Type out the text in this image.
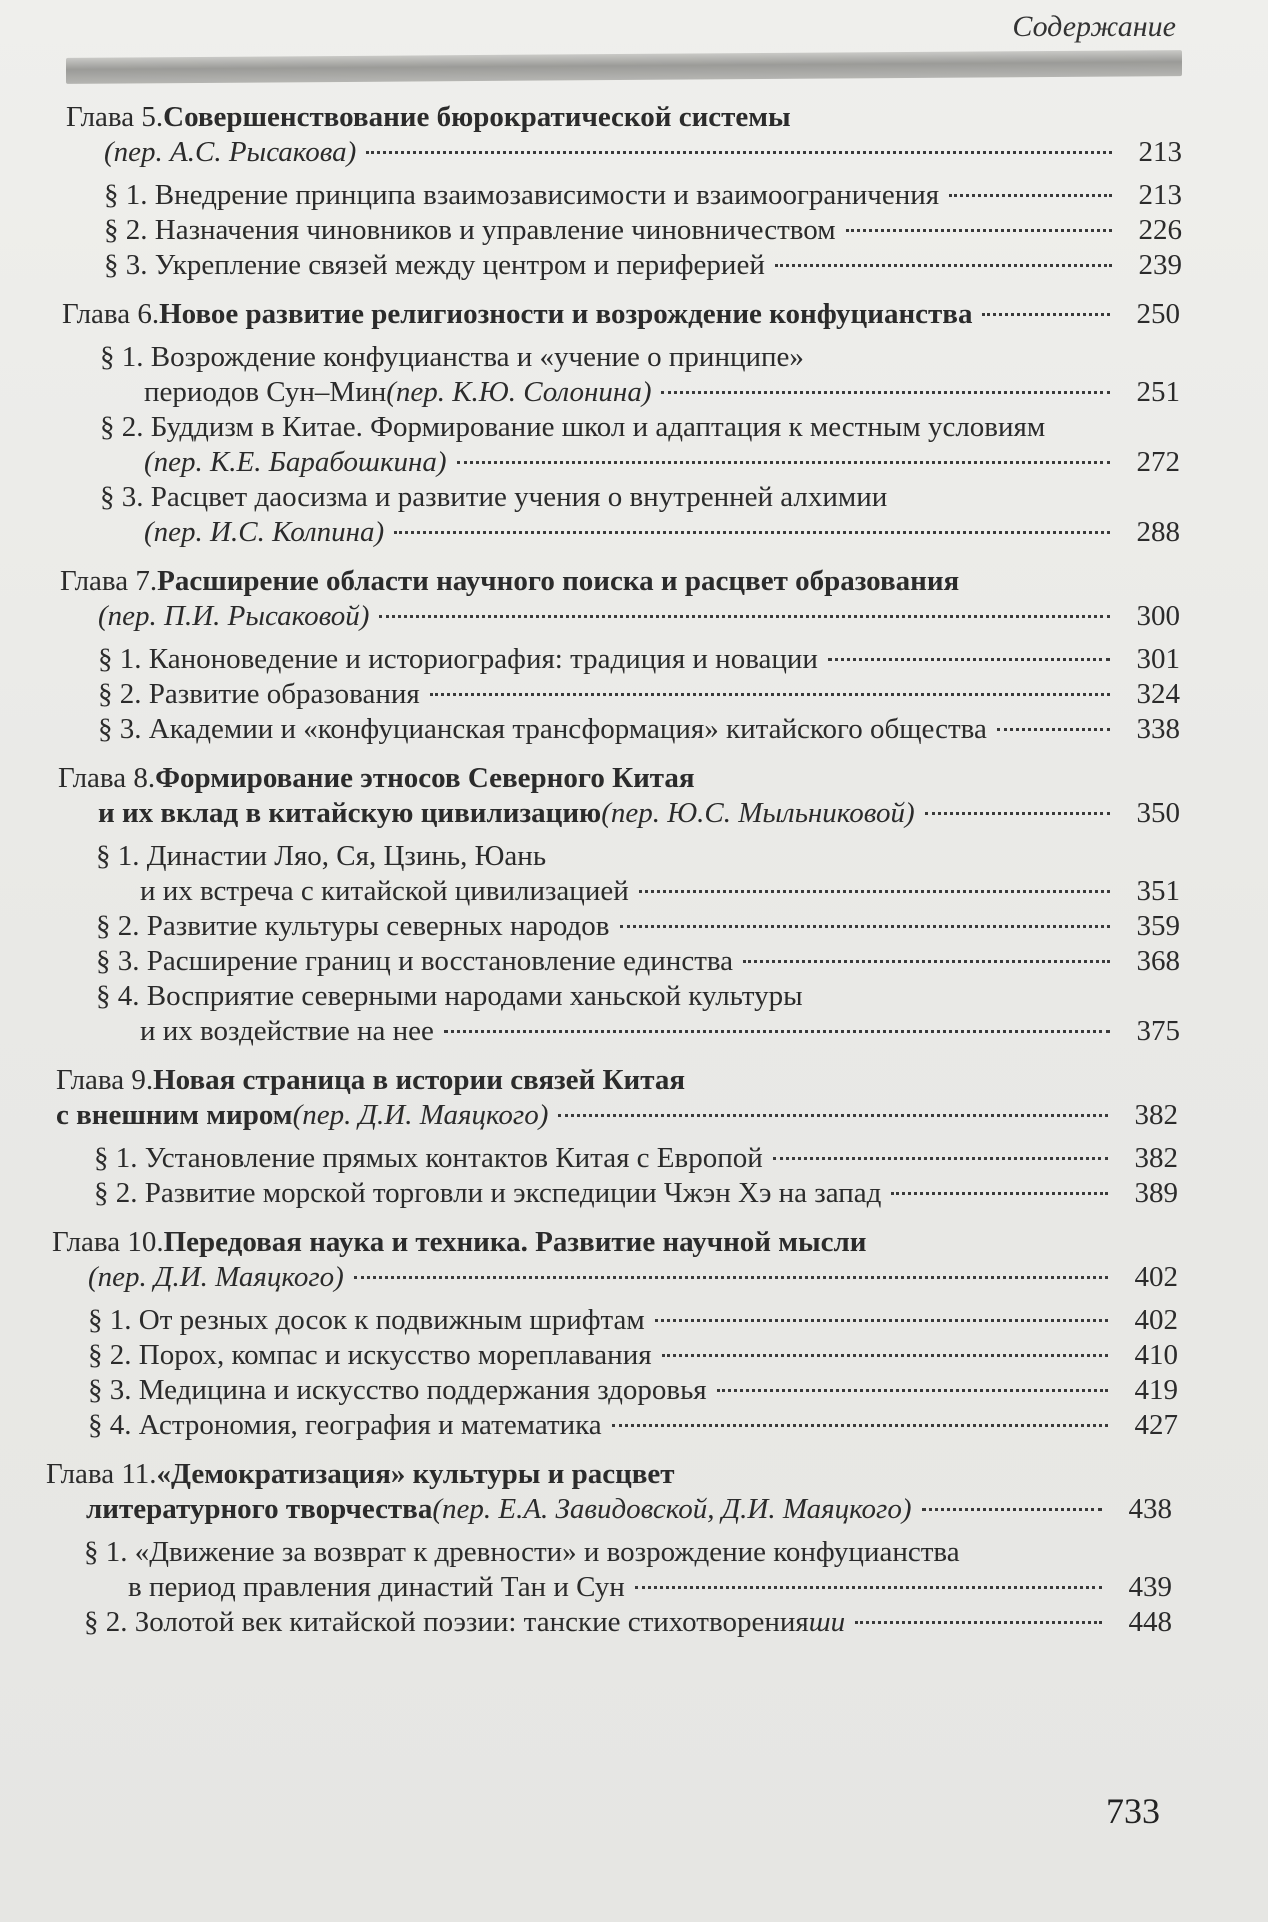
Содержание
Глава 5. Совершенствование бюрократической системы
(пер. А.С. Рысакова)	213
§ 1. Внедрение принципа взаимозависимости и взаимоограничения	213
§ 2. Назначения чиновников и управление чиновничеством	226
§ 3. Укрепление связей между центром и периферией	239
Глава 6. Новое развитие религиозности и возрождение конфуцианства	250
§ 1. Возрождение конфуцианства и «учение о принципе»
периодов Сун–Мин (пер. К.Ю. Солонина)	251
§ 2. Буддизм в Китае. Формирование школ и адаптация к местным условиям
(пер. К.Е. Барабошкина)	272
§ 3. Расцвет даосизма и развитие учения о внутренней алхимии
(пер. И.С. Колпина)	288
Глава 7. Расширение области научного поиска и расцвет образования
(пер. П.И. Рысаковой)	300
§ 1. Каноноведение и историография: традиция и новации	301
§ 2. Развитие образования	324
§ 3. Академии и «конфуцианская трансформация» китайского общества	338
Глава 8. Формирование этносов Северного Китая
и их вклад в китайскую цивилизацию (пер. Ю.С. Мыльниковой)	350
§ 1. Династии Ляо, Ся, Цзинь, Юань
и их встреча с китайской цивилизацией	351
§ 2. Развитие культуры северных народов	359
§ 3. Расширение границ и восстановление единства	368
§ 4. Восприятие северными народами ханьской культуры
и их воздействие на нее	375
Глава 9. Новая страница в истории связей Китая
с внешним миром (пер. Д.И. Маяцкого)	382
§ 1. Установление прямых контактов Китая с Европой	382
§ 2. Развитие морской торговли и экспедиции Чжэн Хэ на запад	389
Глава 10. Передовая наука и техника. Развитие научной мысли
(пер. Д.И. Маяцкого)	402
§ 1. От резных досок к подвижным шрифтам	402
§ 2. Порох, компас и искусство мореплавания	410
§ 3. Медицина и искусство поддержания здоровья	419
§ 4. Астрономия, география и математика	427
Глава 11. «Демократизация» культуры и расцвет
литературного творчества (пер. Е.А. Завидовской, Д.И. Маяцкого)	438
§ 1. «Движение за возврат к древности» и возрождение конфуцианства
в период правления династий Тан и Сун	439
§ 2. Золотой век китайской поэзии: танские стихотворения ши	448
733
